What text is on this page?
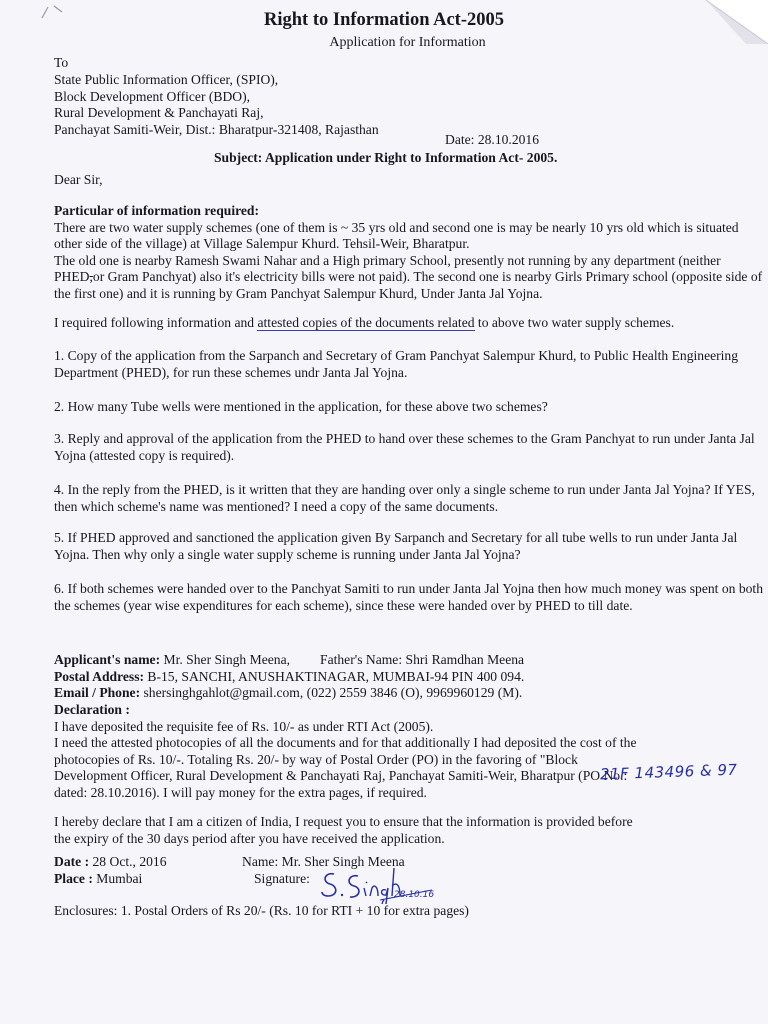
Right to Information Act-2005
Application for Information
To
State Public Information Officer, (SPIO),
Block Development Officer (BDO),
Rural Development & Panchayati Raj,
Panchayat Samiti-Weir, Dist.: Bharatpur-321408, Rajasthan
Date: 28.10.2016
Subject: Application under Right to Information Act- 2005.
Dear Sir,
Particular of information required:
There are two water supply schemes (one of them is ~ 35 yrs old and second one is may be nearly 10 yrs old which is situated other side of the village) at Village Salempur Khurd. Tehsil-Weir, Bharatpur.
The old one is nearby Ramesh Swami Nahar and a High primary School, presently not running by any department (neither PHED,or Gram Panchyat) also it's electricity bills were not paid). The second one is nearby Girls Primary school (opposite side of the first one) and it is running by Gram Panchyat Salempur Khurd, Under Janta Jal Yojna.
I required following information and attested copies of the documents related to above two water supply schemes.
1. Copy of the application from the Sarpanch and Secretary of Gram Panchyat Salempur Khurd, to Public Health Engineering Department (PHED), for run these schemes undr Janta Jal Yojna.
2. How many Tube wells were mentioned in the application, for these above two schemes?
3. Reply and approval of the application from the PHED to hand over these schemes to the Gram Panchyat to run under Janta Jal Yojna (attested copy is required).
4. In the reply from the PHED, is it written that they are handing over only a single scheme to run under Janta Jal Yojna? If YES, then which scheme's name was mentioned? I need a copy of the same documents.
5. If PHED approved and sanctioned the application given By Sarpanch and Secretary for all tube wells to run under Janta Jal Yojna. Then why only a single water supply scheme is running under Janta Jal Yojna?
6. If both schemes were handed over to the Panchyat Samiti to run under Janta Jal Yojna then how much money was spent on both the schemes (year wise expenditures for each scheme), since these were handed over by PHED to till date.
Applicant's name: Mr. Sher Singh Meena, Father's Name: Shri Ramdhan Meena
Postal Address: B-15, SANCHI, ANUSHAKTINAGAR, MUMBAI-94 PIN 400 094.
Email / Phone: shersinghgahlot@gmail.com, (022) 2559 3846 (O), 9969960129 (M).
Declaration :
I have deposited the requisite fee of Rs. 10/- as under RTI Act (2005).
I need the attested photocopies of all the documents and for that additionally I had deposited the cost of the photocopies of Rs. 10/-. Totaling Rs. 20/- by way of Postal Order (PO) in the favoring of "Block Development Officer, Rural Development & Panchayati Raj, Panchayat Samiti-Weir, Bharatpur (PO No.:
dated: 28.10.2016). I will pay money for the extra pages, if required.
21F 143496 & 97
I hereby declare that I am a citizen of India, I request you to ensure that the information is provided before the expiry of the 30 days period after you have received the application.
Date : 28 Oct., 2016	Name: Mr. Sher Singh Meena
Place : Mumbai	Signature:
28.10.16
Enclosures: 1. Postal Orders of Rs 20/- (Rs. 10 for RTI + 10 for extra pages)
